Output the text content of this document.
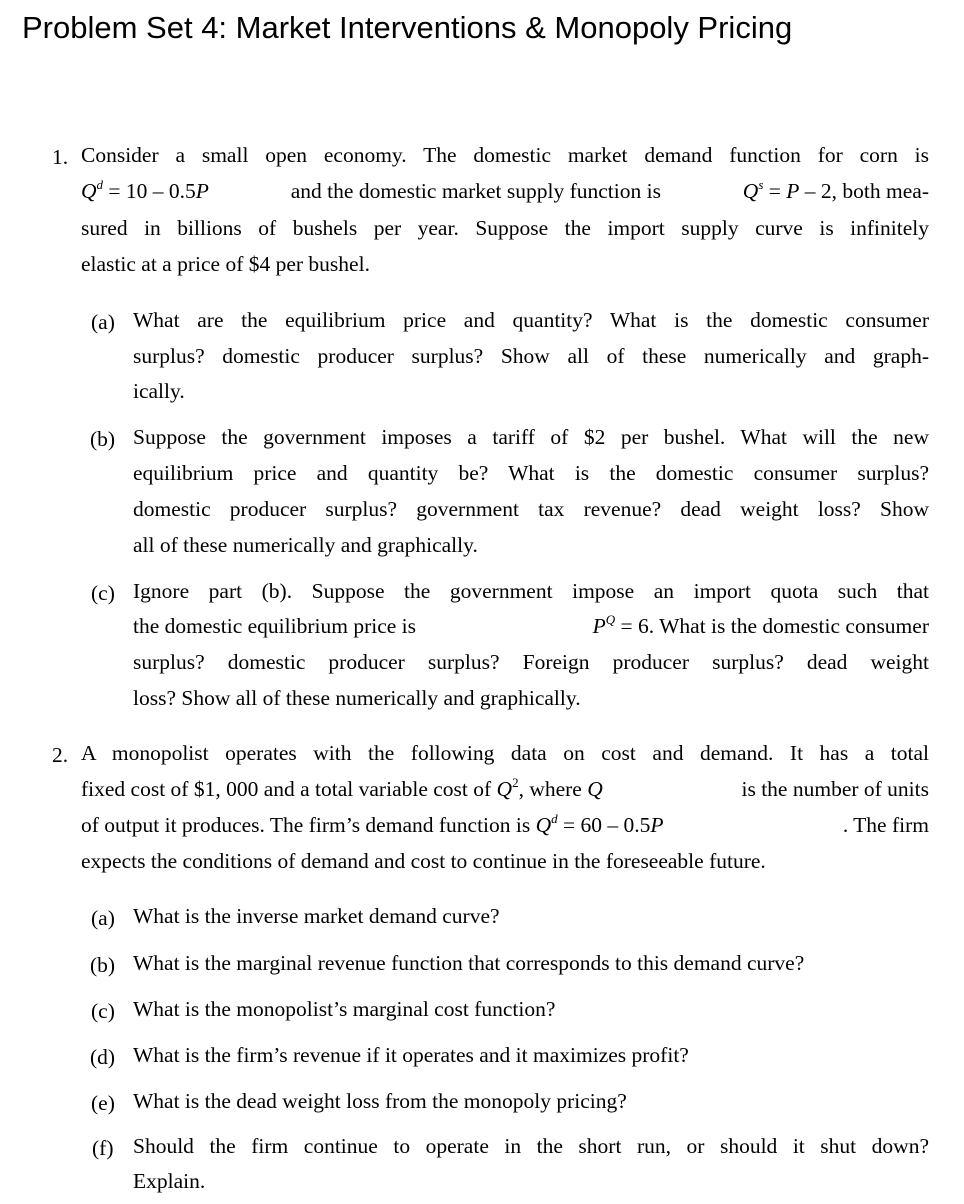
Problem Set 4: Market Interventions & Monopoly Pricing
1. Consider a small open economy. The domestic market demand function for corn is
$Q^d = 10 - 0.5P$	and the domestic market supply function is	$Q^s = P - 2$, both mea-
sured in billions of bushels per year. Suppose the import supply curve is infinitely
elastic at a price of $4 per bushel.
(a) What are the equilibrium price and quantity? What is the domestic consumer
surplus? domestic producer surplus? Show all of these numerically and graph-
ically.
(b) Suppose the government imposes a tariff of $2 per bushel. What will the new
equilibrium price and quantity be? What is the domestic consumer surplus?
domestic producer surplus? government tax revenue? dead weight loss? Show
all of these numerically and graphically.
(c) Ignore part (b). Suppose the government impose an import quota such that
the domestic equilibrium price is	$P^Q = 6$. What is the domestic consumer
surplus? domestic producer surplus? Foreign producer surplus? dead weight
loss? Show all of these numerically and graphically.
2. A monopolist operates with the following data on cost and demand. It has a total
fixed cost of $1, 000 and a total variable cost of $Q^2$, where Q	is the number of units
of output it produces. The firm’s demand function is $Q^d = 60 - 0.5P$	. The firm
expects the conditions of demand and cost to continue in the foreseeable future.
(a) What is the inverse market demand curve?
(b) What is the marginal revenue function that corresponds to this demand curve?
(c) What is the monopolist’s marginal cost function?
(d) What is the firm’s revenue if it operates and it maximizes profit?
(e) What is the dead weight loss from the monopoly pricing?
(f) Should the firm continue to operate in the short run, or should it shut down?
Explain.
